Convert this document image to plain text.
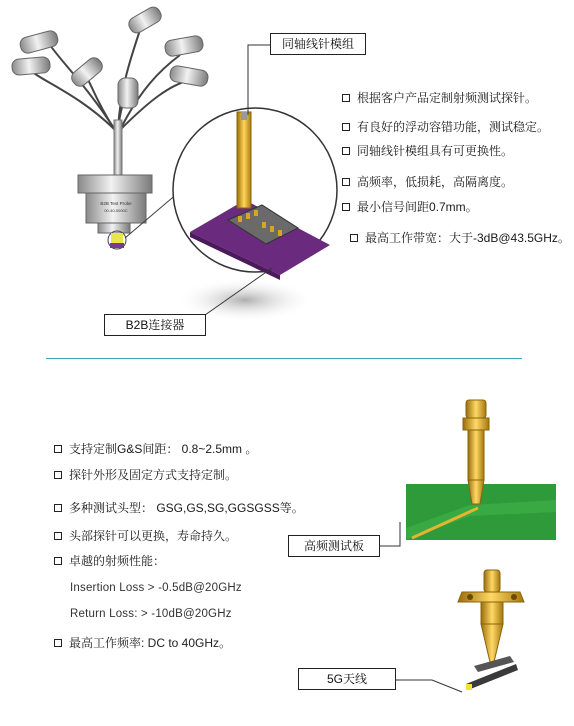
B2B Test Probe
00-40-0000C
同轴线针模组
B2B连接器
根据客户产品定制射频测试探针。
有良好的浮动容错功能，测试稳定。
同轴线针模组具有可更换性。
高频率，低损耗，高隔离度。
最小信号间距0.7mm。
最高工作带宽：大于-3dB@43.5GHz。
高频测试板
5G天线
支持定制G&S间距： 0.8~2.5mm 。
探针外形及固定方式支持定制。
多种测试头型： GSG,GS,SG,GGSGSS等。
头部探针可以更换，寿命持久。
卓越的射频性能：
Insertion Loss > -0.5dB@20GHz
Return Loss: > -10dB@20GHz
最高工作频率: DC to 40GHz。
